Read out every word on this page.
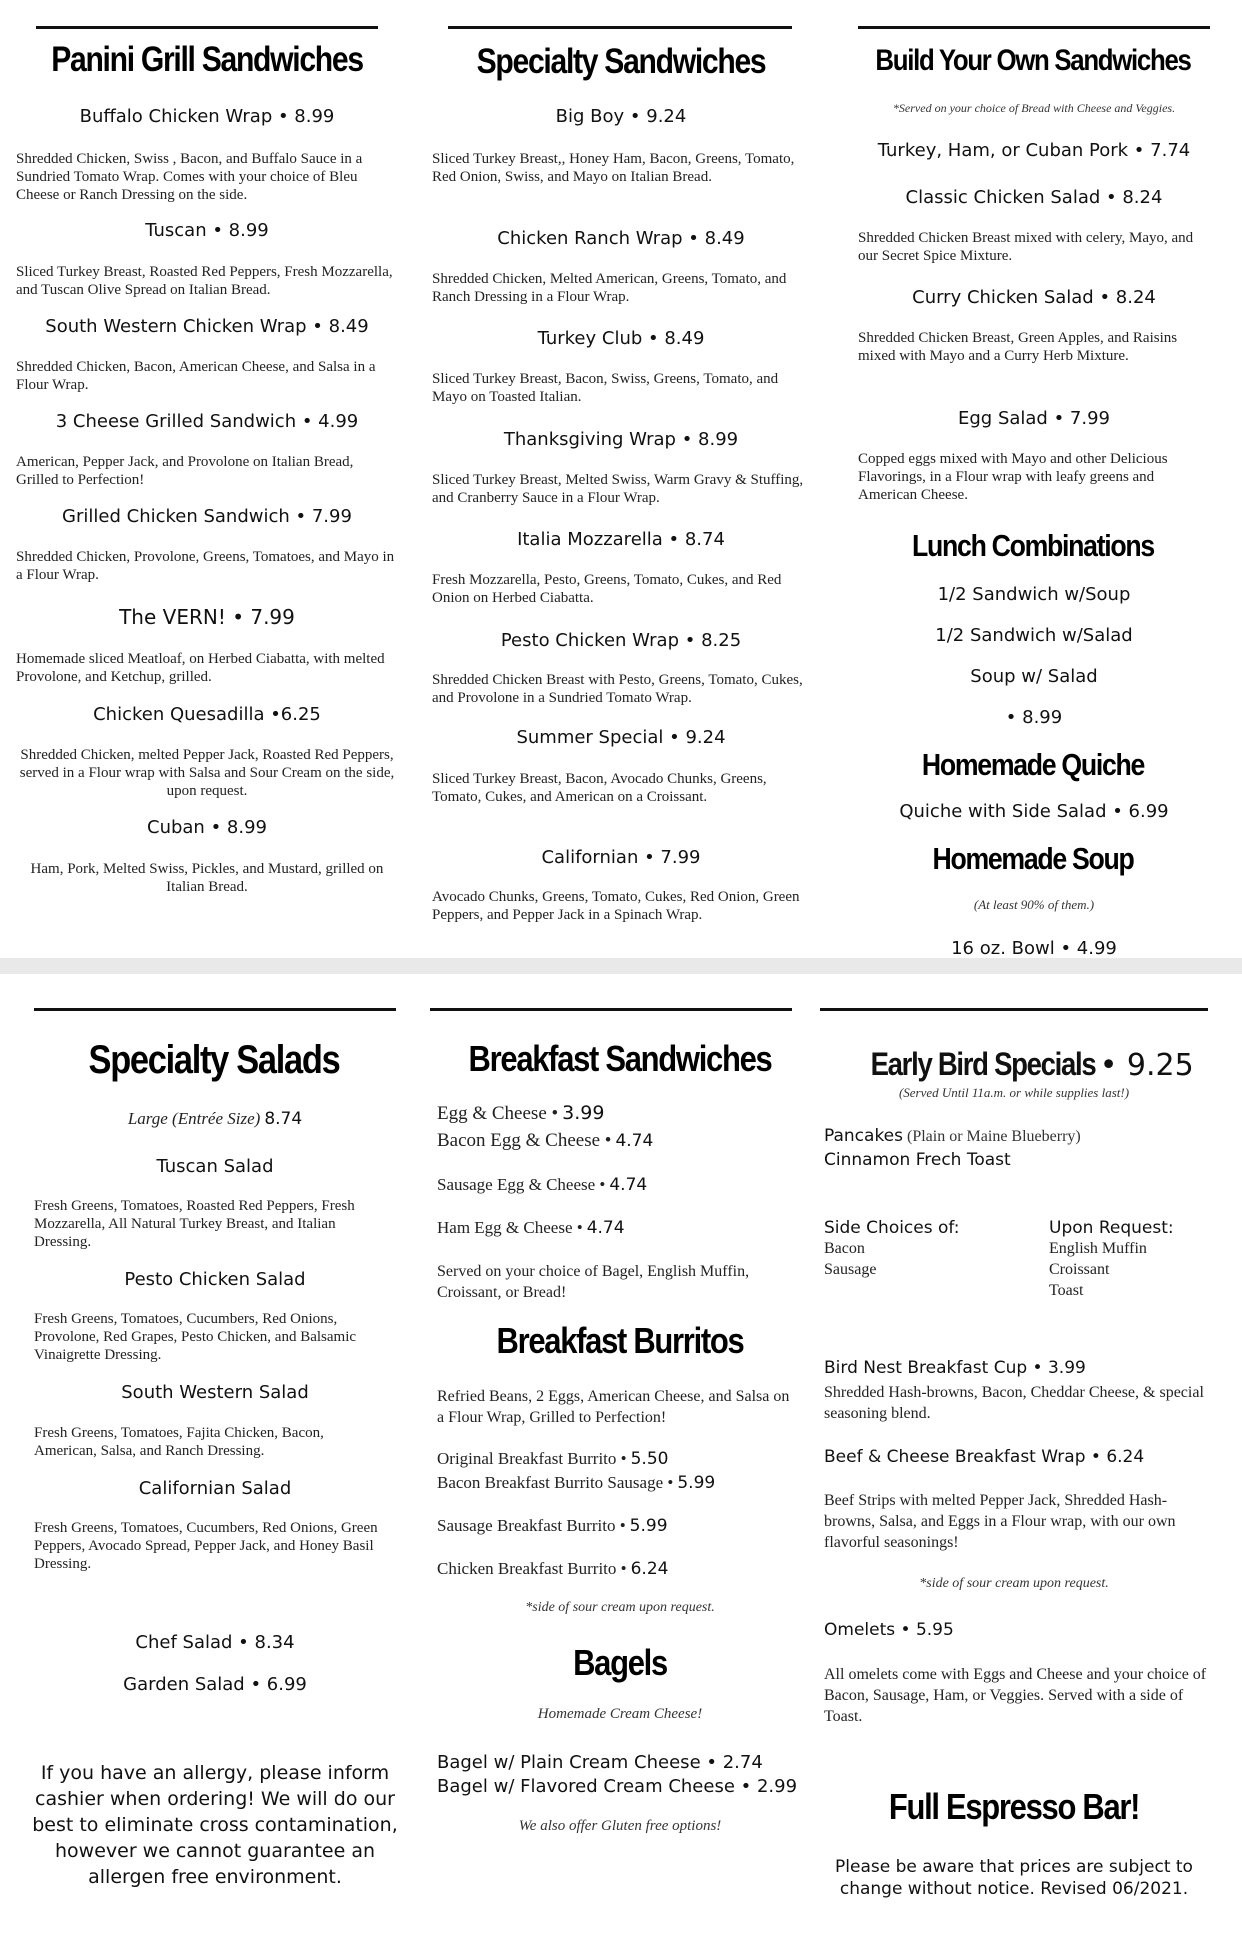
Panini Grill Sandwiches

Buffalo Chicken Wrap • 8.99

Shredded Chicken, Swiss , Bacon, and Buffalo Sauce in a Sundried Tomato Wrap. Comes with your choice of Bleu Cheese or Ranch Dressing on the side.

Tuscan • 8.99

Sliced Turkey Breast, Roasted Red Peppers, Fresh Mozzarella, and Tuscan Olive Spread on Italian Bread.

South Western Chicken Wrap • 8.49

Shredded Chicken, Bacon, American Cheese, and Salsa in a Flour Wrap.

3 Cheese Grilled Sandwich • 4.99

American, Pepper Jack, and Provolone on Italian Bread, Grilled to Perfection!

Grilled Chicken Sandwich • 7.99

Shredded Chicken, Provolone, Greens, Tomatoes, and Mayo in a Flour Wrap.

The VERN! • 7.99

Homemade sliced Meatloaf, on Herbed Ciabatta, with melted Provolone, and Ketchup, grilled.

Chicken Quesadilla •6.25

Shredded Chicken, melted Pepper Jack, Roasted Red Peppers, served in a Flour wrap with Salsa and Sour Cream on the side, upon request.

Cuban • 8.99

Ham, Pork, Melted Swiss, Pickles, and Mustard, grilled on Italian Bread.

Specialty Sandwiches

Big Boy • 9.24

Sliced Turkey Breast,, Honey Ham, Bacon, Greens, Tomato, Red Onion, Swiss, and Mayo on Italian Bread.

Chicken Ranch Wrap • 8.49

Shredded Chicken, Melted American, Greens, Tomato, and Ranch Dressing in a Flour Wrap.

Turkey Club • 8.49

Sliced Turkey Breast, Bacon, Swiss, Greens, Tomato, and Mayo on Toasted Italian.

Thanksgiving Wrap • 8.99

Sliced Turkey Breast, Melted Swiss, Warm Gravy & Stuffing, and Cranberry Sauce in a Flour Wrap.

Italia Mozzarella • 8.74

Fresh Mozzarella, Pesto, Greens, Tomato, Cukes, and Red Onion on Herbed Ciabatta.

Pesto Chicken Wrap • 8.25

Shredded Chicken Breast with Pesto, Greens, Tomato, Cukes, and Provolone in a Sundried Tomato Wrap.

Summer Special • 9.24

Sliced Turkey Breast, Bacon, Avocado Chunks, Greens, Tomato, Cukes, and American on a Croissant.

Californian • 7.99

Avocado Chunks, Greens, Tomato, Cukes, Red Onion, Green Peppers, and Pepper Jack in a Spinach Wrap.

Build Your Own Sandwiches

*Served on your choice of Bread with Cheese and Veggies.

Turkey, Ham, or Cuban Pork • 7.74

Classic Chicken Salad • 8.24

Shredded Chicken Breast mixed with celery, Mayo, and our Secret Spice Mixture.

Curry Chicken Salad • 8.24

Shredded Chicken Breast, Green Apples, and Raisins mixed with Mayo and a Curry Herb Mixture.

Egg Salad • 7.99

Copped eggs mixed with Mayo and other Delicious Flavorings, in a Flour wrap with leafy greens and American Cheese.

Lunch Combinations

1/2 Sandwich w/Soup

1/2 Sandwich w/Salad

Soup w/ Salad

• 8.99

Homemade Quiche

Quiche with Side Salad • 6.99

Homemade Soup

(At least 90% of them.)

16 oz. Bowl • 4.99

Specialty Salads
Large (Entrée Size) 8.74

Tuscan Salad

Fresh Greens, Tomatoes, Roasted Red Peppers, Fresh Mozzarella, All Natural Turkey Breast, and Italian Dressing.

Pesto Chicken Salad

Fresh Greens, Tomatoes, Cucumbers, Red Onions, Provolone, Red Grapes, Pesto Chicken, and Balsamic Vinaigrette Dressing.

South Western Salad

Fresh Greens, Tomatoes, Fajita Chicken, Bacon, American, Salsa, and Ranch Dressing.

Californian Salad

Fresh Greens, Tomatoes, Cucumbers, Red Onions, Green Peppers, Avocado Spread, Pepper Jack, and Honey Basil Dressing.

Chef Salad • 8.34

Garden Salad • 6.99

If you have an allergy, please inform cashier when ordering! We will do our best to eliminate cross contamination, however we cannot guarantee an allergen free environment.

Breakfast Sandwiches
Egg & Cheese • 3.99
Bacon Egg & Cheese • 4.74
Sausage Egg & Cheese • 4.74
Ham Egg & Cheese • 4.74

Served on your choice of Bagel, English Muffin, Croissant, or Bread!

Breakfast Burritos

Refried Beans, 2 Eggs, American Cheese, and Salsa on a Flour Wrap, Grilled to Perfection!

Original Breakfast Burrito • 5.50
Bacon Breakfast Burrito Sausage • 5.99
Sausage Breakfast Burrito • 5.99
Chicken Breakfast Burrito • 6.24

*side of sour cream upon request.

Bagels

Homemade Cream Cheese!

Bagel w/ Plain Cream Cheese • 2.74

Bagel w/ Flavored Cream Cheese • 2.99

We also offer Gluten free options!

Early Bird Specials • 9.25

(Served Until 11a.m. or while supplies last!)

Pancakes (Plain or Maine Blueberry)

Cinnamon Frech Toast

Side Choices of:

Bacon

Sausage

Upon Request:

English Muffin

Croissant

Toast

Bird Nest Breakfast Cup • 3.99

Shredded Hash-browns, Bacon, Cheddar Cheese, & special seasoning blend.

Beef & Cheese Breakfast Wrap • 6.24

Beef Strips with melted Pepper Jack, Shredded Hash-browns, Salsa, and Eggs in a Flour wrap, with our own flavorful seasonings!

*side of sour cream upon request.

Omelets • 5.95

All omelets come with Eggs and Cheese and your choice of Bacon, Sausage, Ham, or Veggies. Served with a side of Toast.

Full Espresso Bar!

Please be aware that prices are subject to change without notice. Revised 06/2021.
